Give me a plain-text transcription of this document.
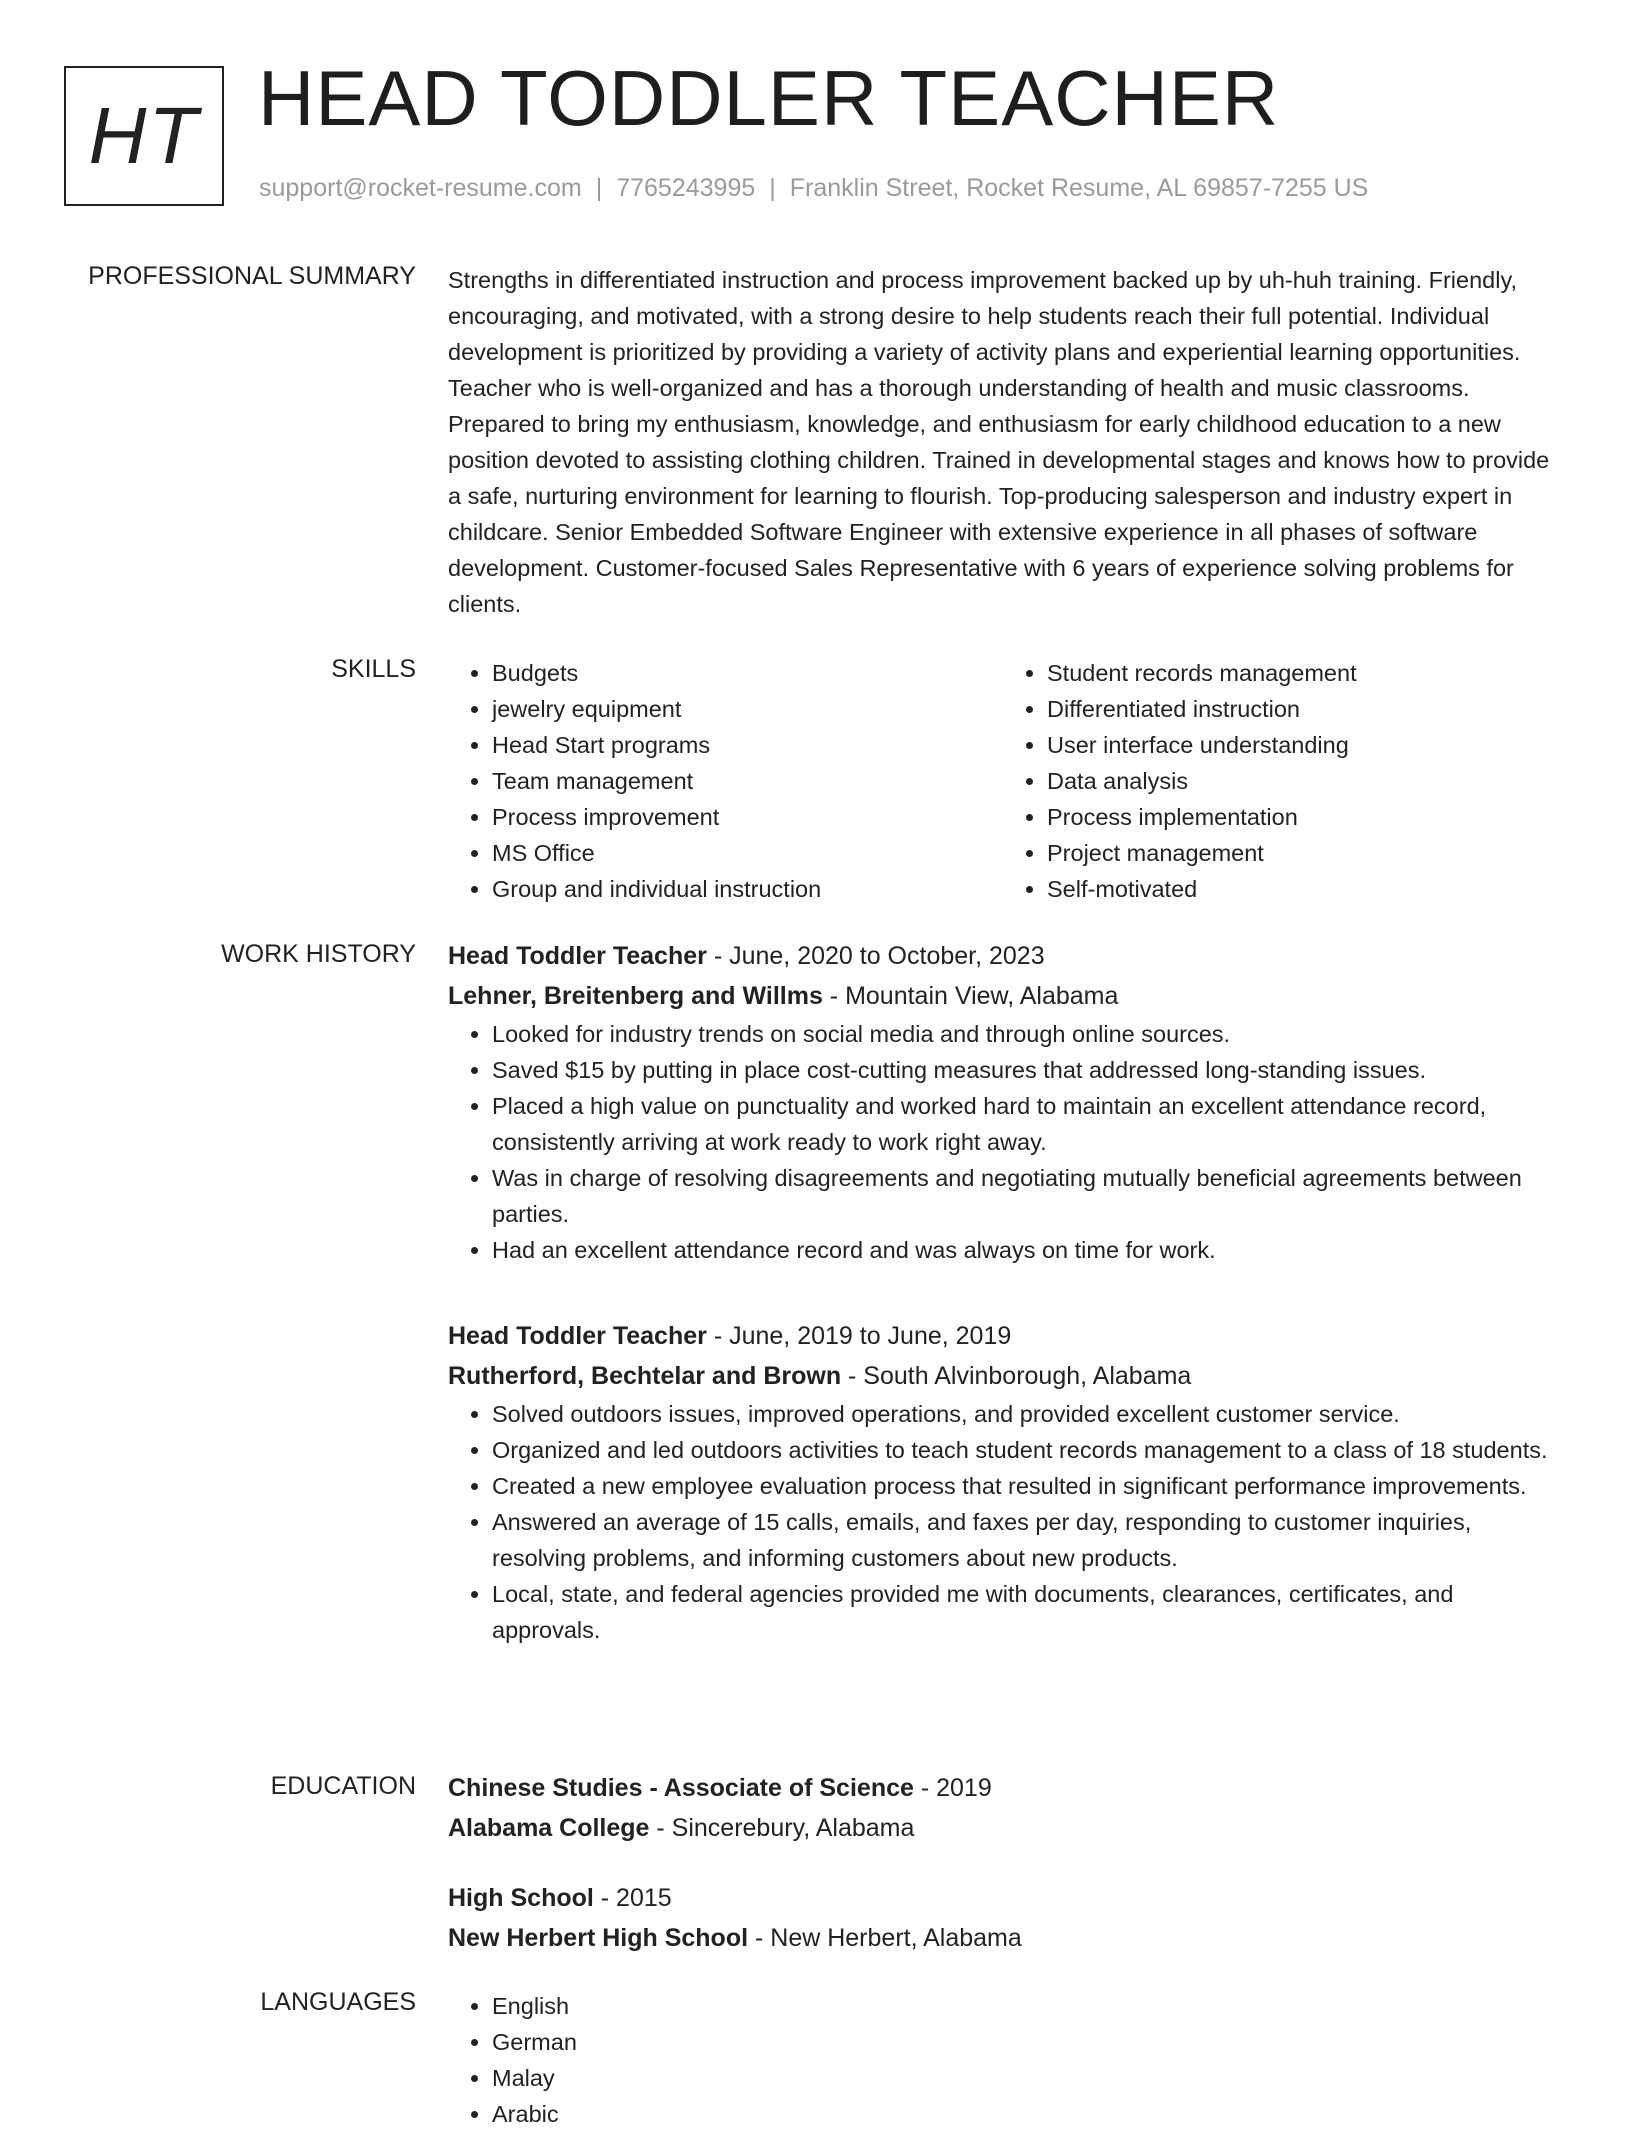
HT HEAD TODDLER TEACHER
support@rocket-resume.com | 7765243995 | Franklin Street, Rocket Resume, AL 69857-7255 US
PROFESSIONAL SUMMARY Strengths in differentiated instruction and process improvement backed up by uh-huh training. Friendly, encouraging, and motivated, with a strong desire to help students reach their full potential. Individual development is prioritized by providing a variety of activity plans and experiential learning opportunities. Teacher who is well-organized and has a thorough understanding of health and music classrooms. Prepared to bring my enthusiasm, knowledge, and enthusiasm for early childhood education to a new position devoted to assisting clothing children. Trained in developmental stages and knows how to provide a safe, nurturing environment for learning to flourish. Top-producing salesperson and industry expert in childcare. Senior Embedded Software Engineer with extensive experience in all phases of software development. Customer-focused Sales Representative with 6 years of experience solving problems for clients.

SKILLS	• Budgets
• jewelry equipment
• Head Start programs
• Team management
• Process improvement
• MS Office
• Group and individual instruction
• Student records management
• Differentiated instruction
• User interface understanding
• Data analysis
• Process implementation
• Project management
• Self-motivated
WORK HISTORY Head Toddler Teacher - June, 2020 to October, 2023
Lehner, Breitenberg and Willms - Mountain View, Alabama
• Looked for industry trends on social media and through online sources.
• Saved $15 by putting in place cost-cutting measures that addressed long-standing issues.
• Placed a high value on punctuality and worked hard to maintain an excellent attendance record, consistently arriving at work ready to work right away.
• Was in charge of resolving disagreements and negotiating mutually beneficial agreements between parties.
• Had an excellent attendance record and was always on time for work.
Head Toddler Teacher - June, 2019 to June, 2019
Rutherford, Bechtelar and Brown - South Alvinborough, Alabama
• Solved outdoors issues, improved operations, and provided excellent customer service.
• Organized and led outdoors activities to teach student records management to a class of 18 students.
• Created a new employee evaluation process that resulted in significant performance improvements.
• Answered an average of 15 calls, emails, and faxes per day, responding to customer inquiries, resolving problems, and informing customers about new products.
• Local, state, and federal agencies provided me with documents, clearances, certificates, and approvals.
EDUCATION Chinese Studies - Associate of Science - 2019
Alabama College - Sincerebury, Alabama
High School - 2015
New Herbert High School - New Herbert, Alabama
LANGUAGES	• English
• German
• Malay
• Arabic
